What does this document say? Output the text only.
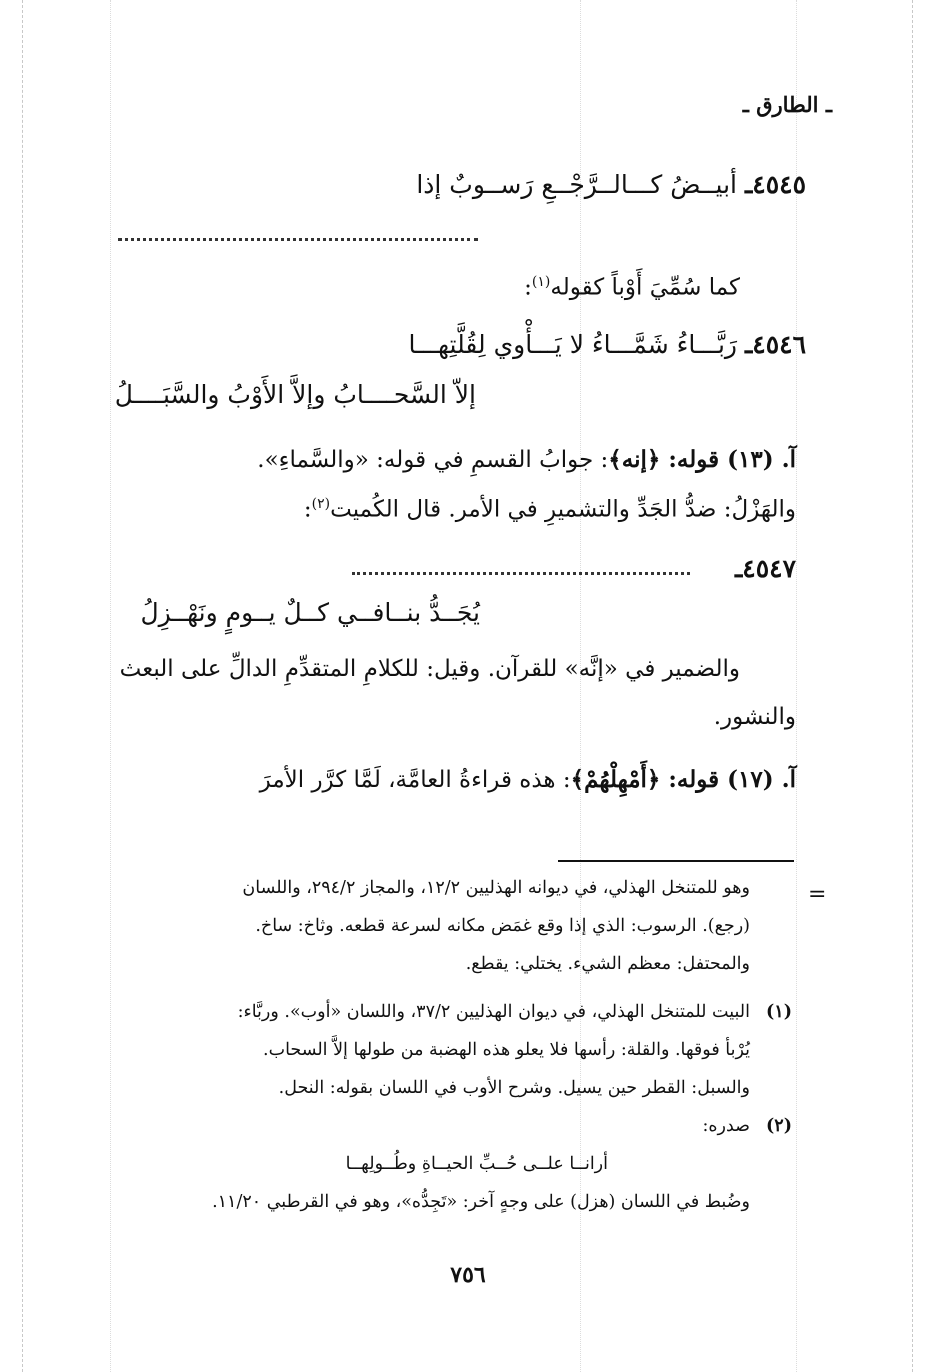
ـ الطارق ـ
٤٥٤٥ـ أبيــضُ كـــالــرَّجْــعِ رَســوبٌ إذا
كما سُمِّيَ أَوْباً كقوله$^{(١)}$:
٤٥٤٦ـ رَبَّـــاءُ شَمَّـــاءُ لا يَـــأْوي لِقُلَّتِهـــا
إلاّ السَّحــــابُ وإلاَّ الأَوْبُ والسَّبَــــلُ
آ. (١٣) قوله: ﴿إنه﴾: جوابُ القسمِ في قوله: «والسَّماءِ».
والهَزْلُ: ضدُّ الجَدِّ والتشميرِ في الأمر. قال الكُميت$^{(٢)}$:
٤٥٤٧ـ
يُجَــدُّ بنــافــي كــلٌ يــومٍ ونَهْــزِلُ
والضمير في «إنَّه» للقرآن. وقيل: للكلامِ المتقدِّمِ الدالِّ على البعث
والنشور.
آ. (١٧) قوله: ﴿أَمْهِلْهُمْ﴾: هذه قراءةُ العامَّة، لَمَّا كرَّر الأمرَ
=
وهو للمتنخل الهذلي، في ديوانه الهذليين ١٢/٢، والمجاز ٢٩٤/٢، واللسان
(رجع). الرسوب: الذي إذا وقع غمَض مكانه لسرعة قطعه. وثاخ: ساخ.
والمحتفل: معظم الشيء. يختلي: يقطع.
(١)
البيت للمتنخل الهذلي، في ديوان الهذليين ٣٧/٢، واللسان «أوب». وربَّاء:
يُرْبأ فوقها. والقلة: رأسها فلا يعلو هذه الهضبة من طولها إلاَّ السحاب.
والسبل: القطر حين يسيل. وشرح الأوب في اللسان بقوله: النحل.
(٢)
صدره:
أرانــا علــى حُــبِّ الحيــاةِ وطُــولِهــا
وضُبط في اللسان (هزل) على وجهٍ آخر: «تَجِدُّه»، وهو في القرطبي ١١/٢٠.
٧٥٦
